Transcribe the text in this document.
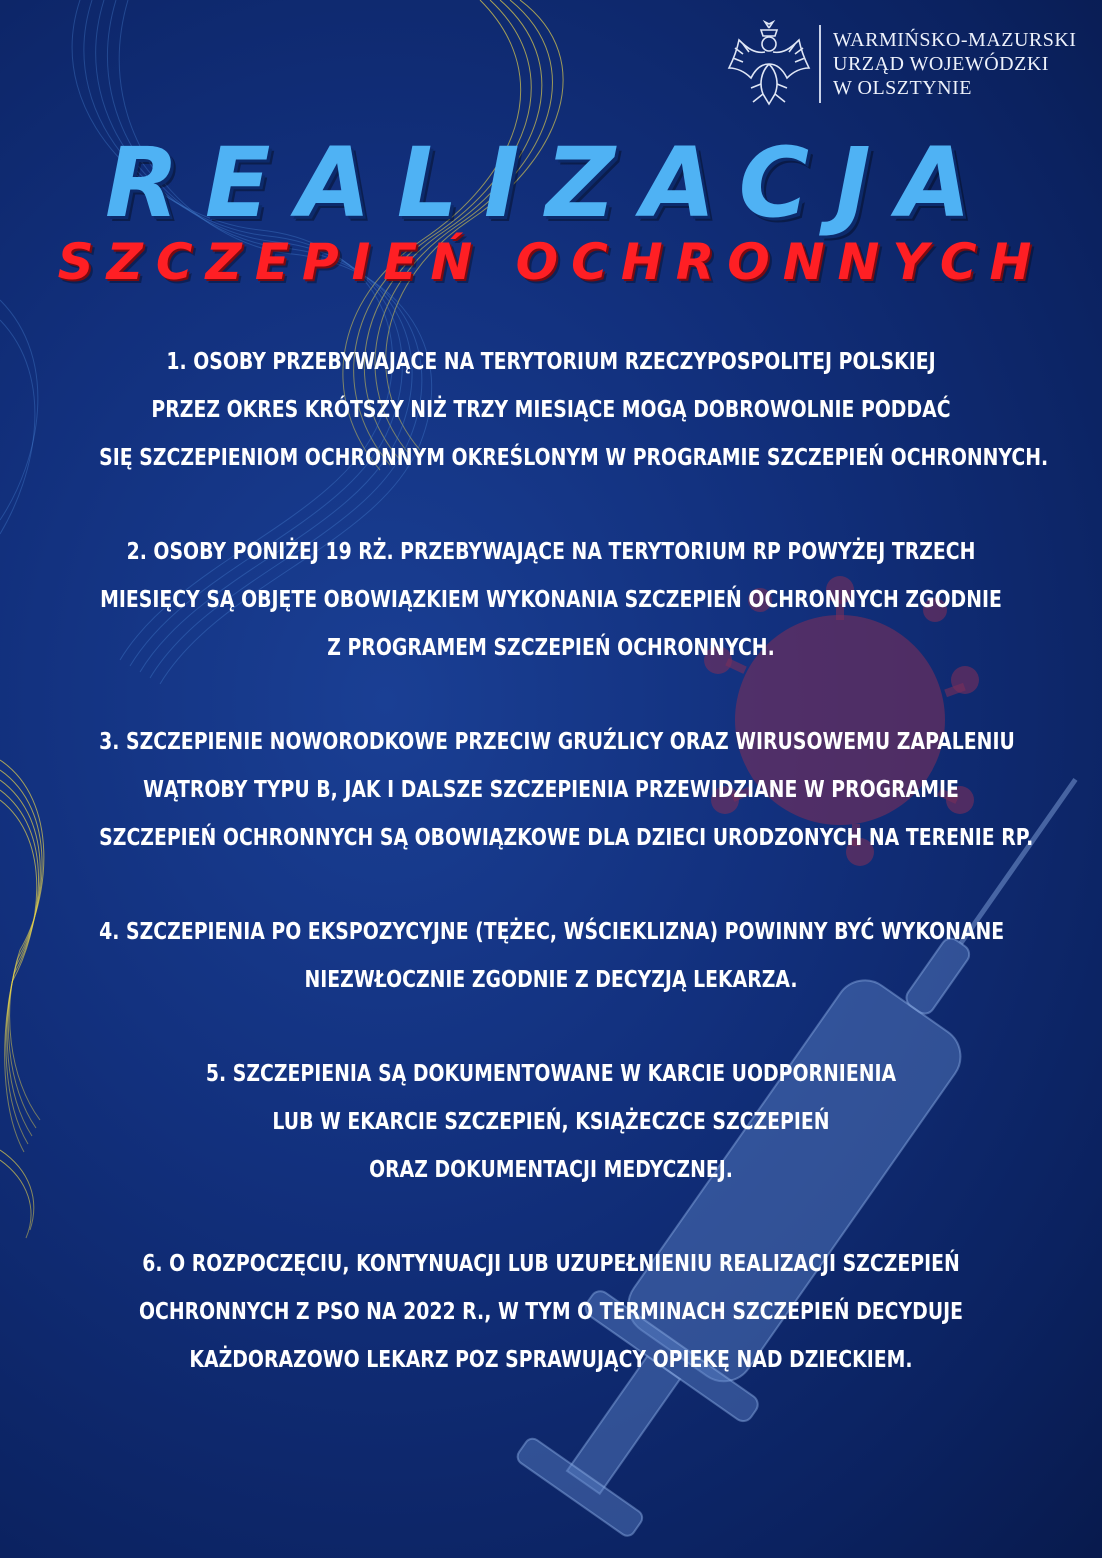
WARMIŃSKO-MAZURSKI
URZĄD WOJEWÓDZKI
W OLSZTYNIE
REALIZACJA
SZCZEPIEŃ OCHRONNYCH
1. OSOBY PRZEBYWAJĄCE NA TERYTORIUM RZECZYPOSPOLITEJ POLSKIEJ
PRZEZ OKRES KRÓTSZY NIŻ TRZY MIESIĄCE MOGĄ DOBROWOLNIE PODDAĆ
SIĘ SZCZEPIENIOM OCHRONNYM OKREŚLONYM W PROGRAMIE SZCZEPIEŃ OCHRONNYCH.
2. OSOBY PONIŻEJ 19 RŻ. PRZEBYWAJĄCE NA TERYTORIUM RP POWYŻEJ TRZECH
MIESIĘCY SĄ OBJĘTE OBOWIĄZKIEM WYKONANIA SZCZEPIEŃ OCHRONNYCH ZGODNIE
Z PROGRAMEM SZCZEPIEŃ OCHRONNYCH.
3. SZCZEPIENIE NOWORODKOWE PRZECIW GRUŹLICY ORAZ WIRUSOWEMU ZAPALENIU
WĄTROBY TYPU B, JAK I DALSZE SZCZEPIENIA PRZEWIDZIANE W PROGRAMIE
SZCZEPIEŃ OCHRONNYCH SĄ OBOWIĄZKOWE DLA DZIECI URODZONYCH NA TERENIE RP.
4. SZCZEPIENIA PO EKSPOZYCYJNE (TĘŻEC, WŚCIEKLIZNA) POWINNY BYĆ WYKONANE
NIEZWŁOCZNIE ZGODNIE Z DECYZJĄ LEKARZA.
5. SZCZEPIENIA SĄ DOKUMENTOWANE W KARCIE UODPORNIENIA
LUB W EKARCIE SZCZEPIEŃ, KSIĄŻECZCE SZCZEPIEŃ
ORAZ DOKUMENTACJI MEDYCZNEJ.
6. O ROZPOCZĘCIU, KONTYNUACJI LUB UZUPEŁNIENIU REALIZACJI SZCZEPIEŃ
OCHRONNYCH Z PSO NA 2022 R., W TYM O TERMINACH SZCZEPIEŃ DECYDUJE
KAŻDORAZOWO LEKARZ POZ SPRAWUJĄCY OPIEKĘ NAD DZIECKIEM.
